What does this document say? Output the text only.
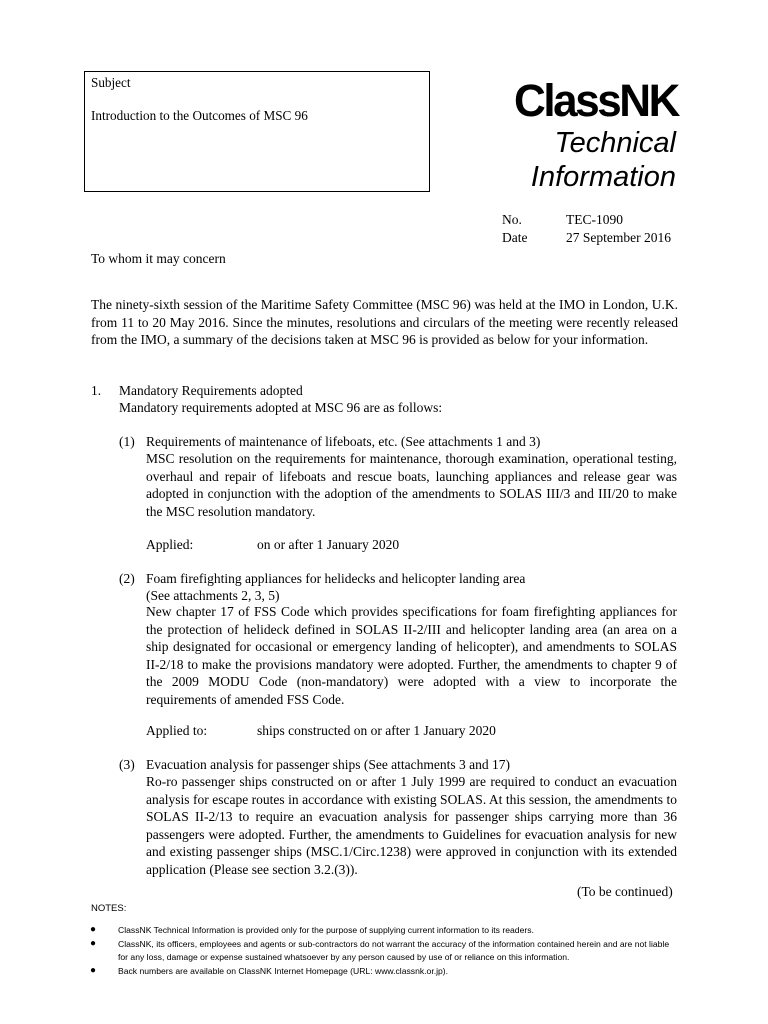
Subject
Introduction to the Outcomes of MSC 96	ClassNK
Technical
Information
No.	TEC-1090
Date	27 September 2016
To whom it may concern
The ninety-sixth session of the Maritime Safety Committee (MSC 96) was held at the IMO in London, U.K. from 11 to 20 May 2016. Since the minutes, resolutions and circulars of the meeting were recently released from the IMO, a summary of the decisions taken at MSC 96 is provided as below for your information.
1. Mandatory Requirements adopted
Mandatory requirements adopted at MSC 96 are as follows:
(1) Requirements of maintenance of lifeboats, etc. (See attachments 1 and 3)
MSC resolution on the requirements for maintenance, thorough examination, operational testing, overhaul and repair of lifeboats and rescue boats, launching appliances and release gear was adopted in conjunction with the adoption of the amendments to SOLAS III/3 and III/20 to make the MSC resolution mandatory.
Applied:	on or after 1 January 2020
(2) Foam firefighting appliances for helidecks and helicopter landing area
(See attachments 2, 3, 5)
New chapter 17 of FSS Code which provides specifications for foam firefighting appliances for the protection of helideck defined in SOLAS II-2/III and helicopter landing area (an area on a ship designated for occasional or emergency landing of helicopter), and amendments to SOLAS II-2/18 to make the provisions mandatory were adopted. Further, the amendments to chapter 9 of the 2009 MODU Code (non-mandatory) were adopted with a view to incorporate the requirements of amended FSS Code.
Applied to:	ships constructed on or after 1 January 2020
(3) Evacuation analysis for passenger ships (See attachments 3 and 17)
Ro-ro passenger ships constructed on or after 1 July 1999 are required to conduct an evacuation analysis for escape routes in accordance with existing SOLAS. At this session, the amendments to SOLAS II-2/13 to require an evacuation analysis for passenger ships carrying more than 36 passengers were adopted. Further, the amendments to Guidelines for evacuation analysis for new and existing passenger ships (MSC.1/Circ.1238) were approved in conjunction with its extended application (Please see section 3.2.(3)).
(To be continued)
NOTES:
●	ClassNK Technical Information is provided only for the purpose of supplying current information to its readers.
●	ClassNK, its officers, employees and agents or sub-contractors do not warrant the accuracy of the information contained herein and are not liable for any loss, damage or expense sustained whatsoever by any person caused by use of or reliance on this information.
●	Back numbers are available on ClassNK Internet Homepage (URL: www.classnk.or.jp).
